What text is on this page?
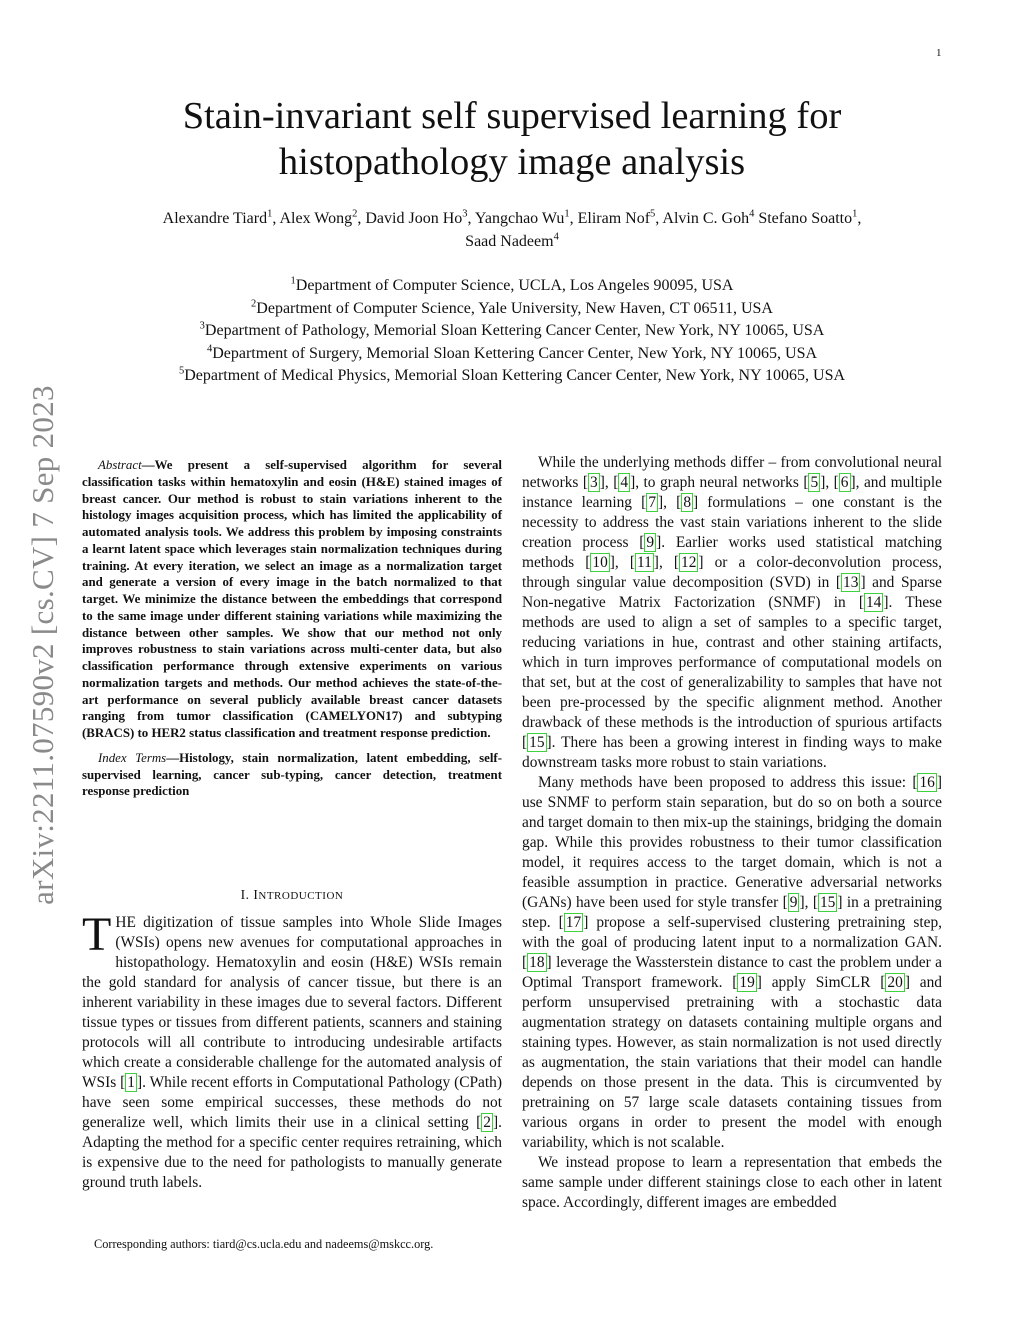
1
arXiv:2211.07590v2 [cs.CV] 7 Sep 2023
Stain-invariant self supervised learning for
histopathology image analysis
Alexandre Tiard$^1$, Alex Wong$^2$, David Joon Ho$^3$, Yangchao Wu$^1$, Eliram Nof$^5$, Alvin C. Goh$^4$ Stefano Soatto$^1$,
Saad Nadeem$^4$
$^1$Department of Computer Science, UCLA, Los Angeles 90095, USA
$^2$Department of Computer Science, Yale University, New Haven, CT 06511, USA
$^3$Department of Pathology, Memorial Sloan Kettering Cancer Center, New York, NY 10065, USA
$^4$Department of Surgery, Memorial Sloan Kettering Cancer Center, New York, NY 10065, USA
$^5$Department of Medical Physics, Memorial Sloan Kettering Cancer Center, New York, NY 10065, USA

Abstract—We present a self-supervised algorithm for several classification tasks within hematoxylin and eosin (H&E) stained images of breast cancer. Our method is robust to stain variations inherent to the histology images acquisition process, which has limited the applicability of automated analysis tools. We address this problem by imposing constraints a learnt latent space which leverages stain normalization techniques during training. At every iteration, we select an image as a normalization target and generate a version of every image in the batch normalized to that target. We minimize the distance between the embeddings that correspond to the same image under different staining variations while maximizing the distance between other samples. We show that our method not only improves robustness to stain variations across multi-center data, but also classification performance through extensive experiments on various normalization targets and methods. Our method achieves the state-of-the-art performance on several publicly available breast cancer datasets ranging from tumor classification (CAMELYON17) and subtyping (BRACS) to HER2 status classification and treatment response prediction.

Index Terms—Histology, stain normalization, latent embedding, self-supervised learning, cancer sub-typing, cancer detection, treatment response prediction

I. INTRODUCTION

THE digitization of tissue samples into Whole Slide Images (WSIs) opens new avenues for computational approaches in histopathology. Hematoxylin and eosin (H&E) WSIs remain the gold standard for analysis of cancer tissue, but there is an inherent variability in these images due to several factors. Different tissue types or tissues from different patients, scanners and staining protocols will all contribute to introducing undesirable artifacts which create a considerable challenge for the automated analysis of WSIs [ 1 ]. While recent efforts in Computational Pathology (CPath) have seen some empirical successes, these methods do not generalize well, which limits their use in a clinical setting [ 2 ]. Adapting the method for a specific center requires retraining, which is expensive due to the need for pathologists to manually generate ground truth labels.

While the underlying methods differ – from convolutional neural networks [ 3 ], [ 4 ], to graph neural networks [ 5 ], [ 6 ], and multiple instance learning [ 7 ], [ 8 ] formulations – one constant is the necessity to address the vast stain variations inherent to the slide creation process [ 9 ]. Earlier works used statistical matching methods [ 10 ], [ 11 ], [ 12 ] or a color-deconvolution process, through singular value decomposition (SVD) in [ 13 ] and Sparse Non-negative Matrix Factorization (SNMF) in [ 14 ]. These methods are used to align a set of samples to a specific target, reducing variations in hue, contrast and other staining artifacts, which in turn improves performance of computational models on that set, but at the cost of generalizability to samples that have not been pre-processed by the specific alignment method. Another drawback of these methods is the introduction of spurious artifacts [ 15 ]. There has been a growing interest in finding ways to make downstream tasks more robust to stain variations.

Many methods have been proposed to address this issue: [ 16 ] use SNMF to perform stain separation, but do so on both a source and target domain to then mix-up the stainings, bridging the domain gap. While this provides robustness to their tumor classification model, it requires access to the target domain, which is not a feasible assumption in practice. Generative adversarial networks (GANs) have been used for style transfer [ 9 ], [ 15 ] in a pretraining step. [ 17 ] propose a self-supervised clustering pretraining step, with the goal of producing latent input to a normalization GAN. [ 18 ] leverage the Wassterstein distance to cast the problem under a Optimal Transport framework. [ 19 ] apply SimCLR [ 20 ] and perform unsupervised pretraining with a stochastic data augmentation strategy on datasets containing multiple organs and staining types. However, as stain normalization is not used directly as augmentation, the stain variations that their model can handle depends on those present in the data. This is circumvented by pretraining on 57 large scale datasets containing tissues from various organs in order to present the model with enough variability, which is not scalable.

We instead propose to learn a representation that embeds the same sample under different stainings close to each other in latent space. Accordingly, different images are embedded

Corresponding authors: tiard@cs.ucla.edu and nadeems@mskcc.org.
